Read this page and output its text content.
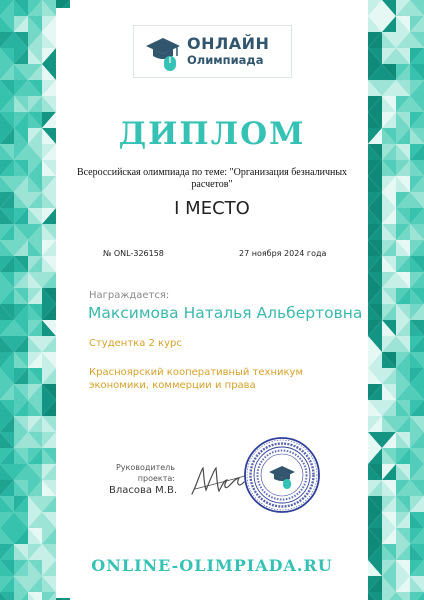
ОНЛАЙН
Олимпиада
ДИПЛОМ
Всероссийская олимпиада по теме: "Организация безналичных расчетов"
I МЕСТО
№ ONL-326158	27 ноября 2024 года
Награждается:
Максимова Наталья Альбертовна
Студентка 2 курс
Красноярский кооперативный техникум экономики, коммерции и права
Руководитель проекта:
Власова М.В.
ONLINE-OLIMPIADA.RU
